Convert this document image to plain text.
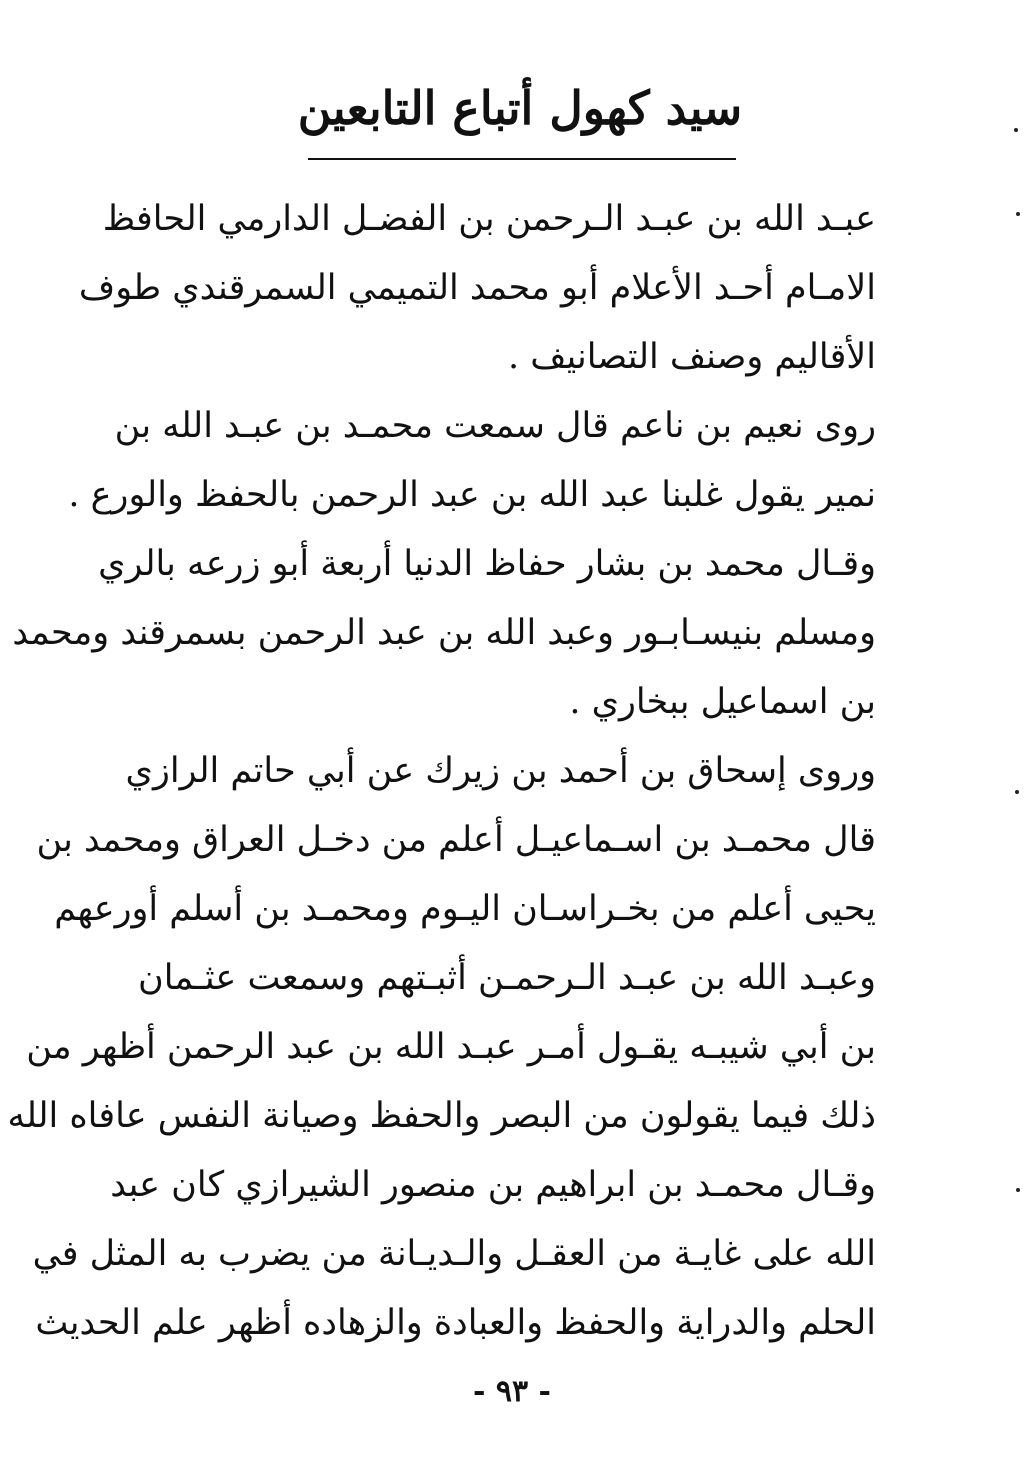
سيد كهول أتباع التابعين
عبـد الله بن عبـد الـرحمن بن الفضـل الدارمي الحافظ
الامـام أحـد الأعلام أبو محمد التميمي السمرقندي طوف
الأقاليم وصنف التصانيف .
روى نعيم بن ناعم قال سمعت محمـد بن عبـد الله بن
نمير يقول غلبنا عبد الله بن عبد الرحمن بالحفظ والورع .
وقـال محمد بن بشار حفاظ الدنيا أربعة أبو زرعه بالري
ومسلم بنيسـابـور وعبد الله بن عبد الرحمن بسمرقند ومحمد
بن اسماعيل ببخاري .
وروى إسحاق بن أحمد بن زيرك عن أبي حاتم الرازي
قال محمـد بن اسـماعيـل أعلم من دخـل العراق ومحمد بن
يحيى أعلم من بخـراسـان اليـوم ومحمـد بن أسلم أورعهم
وعبـد الله بن عبـد الـرحمـن أثبـتهم وسمعت عثـمان
بن أبي شيبـه يقـول أمـر عبـد الله بن عبد الرحمن أظهر من
ذلك فيما يقولون من البصر والحفظ وصيانة النفس عافاه الله
وقـال محمـد بن ابراهيم بن منصور الشيرازي كان عبد
الله على غايـة من العقـل والـديـانة من يضرب به المثل في
الحلم والدراية والحفظ والعبادة والزهاده أظهر علم الحديث
- ٩٣ -
